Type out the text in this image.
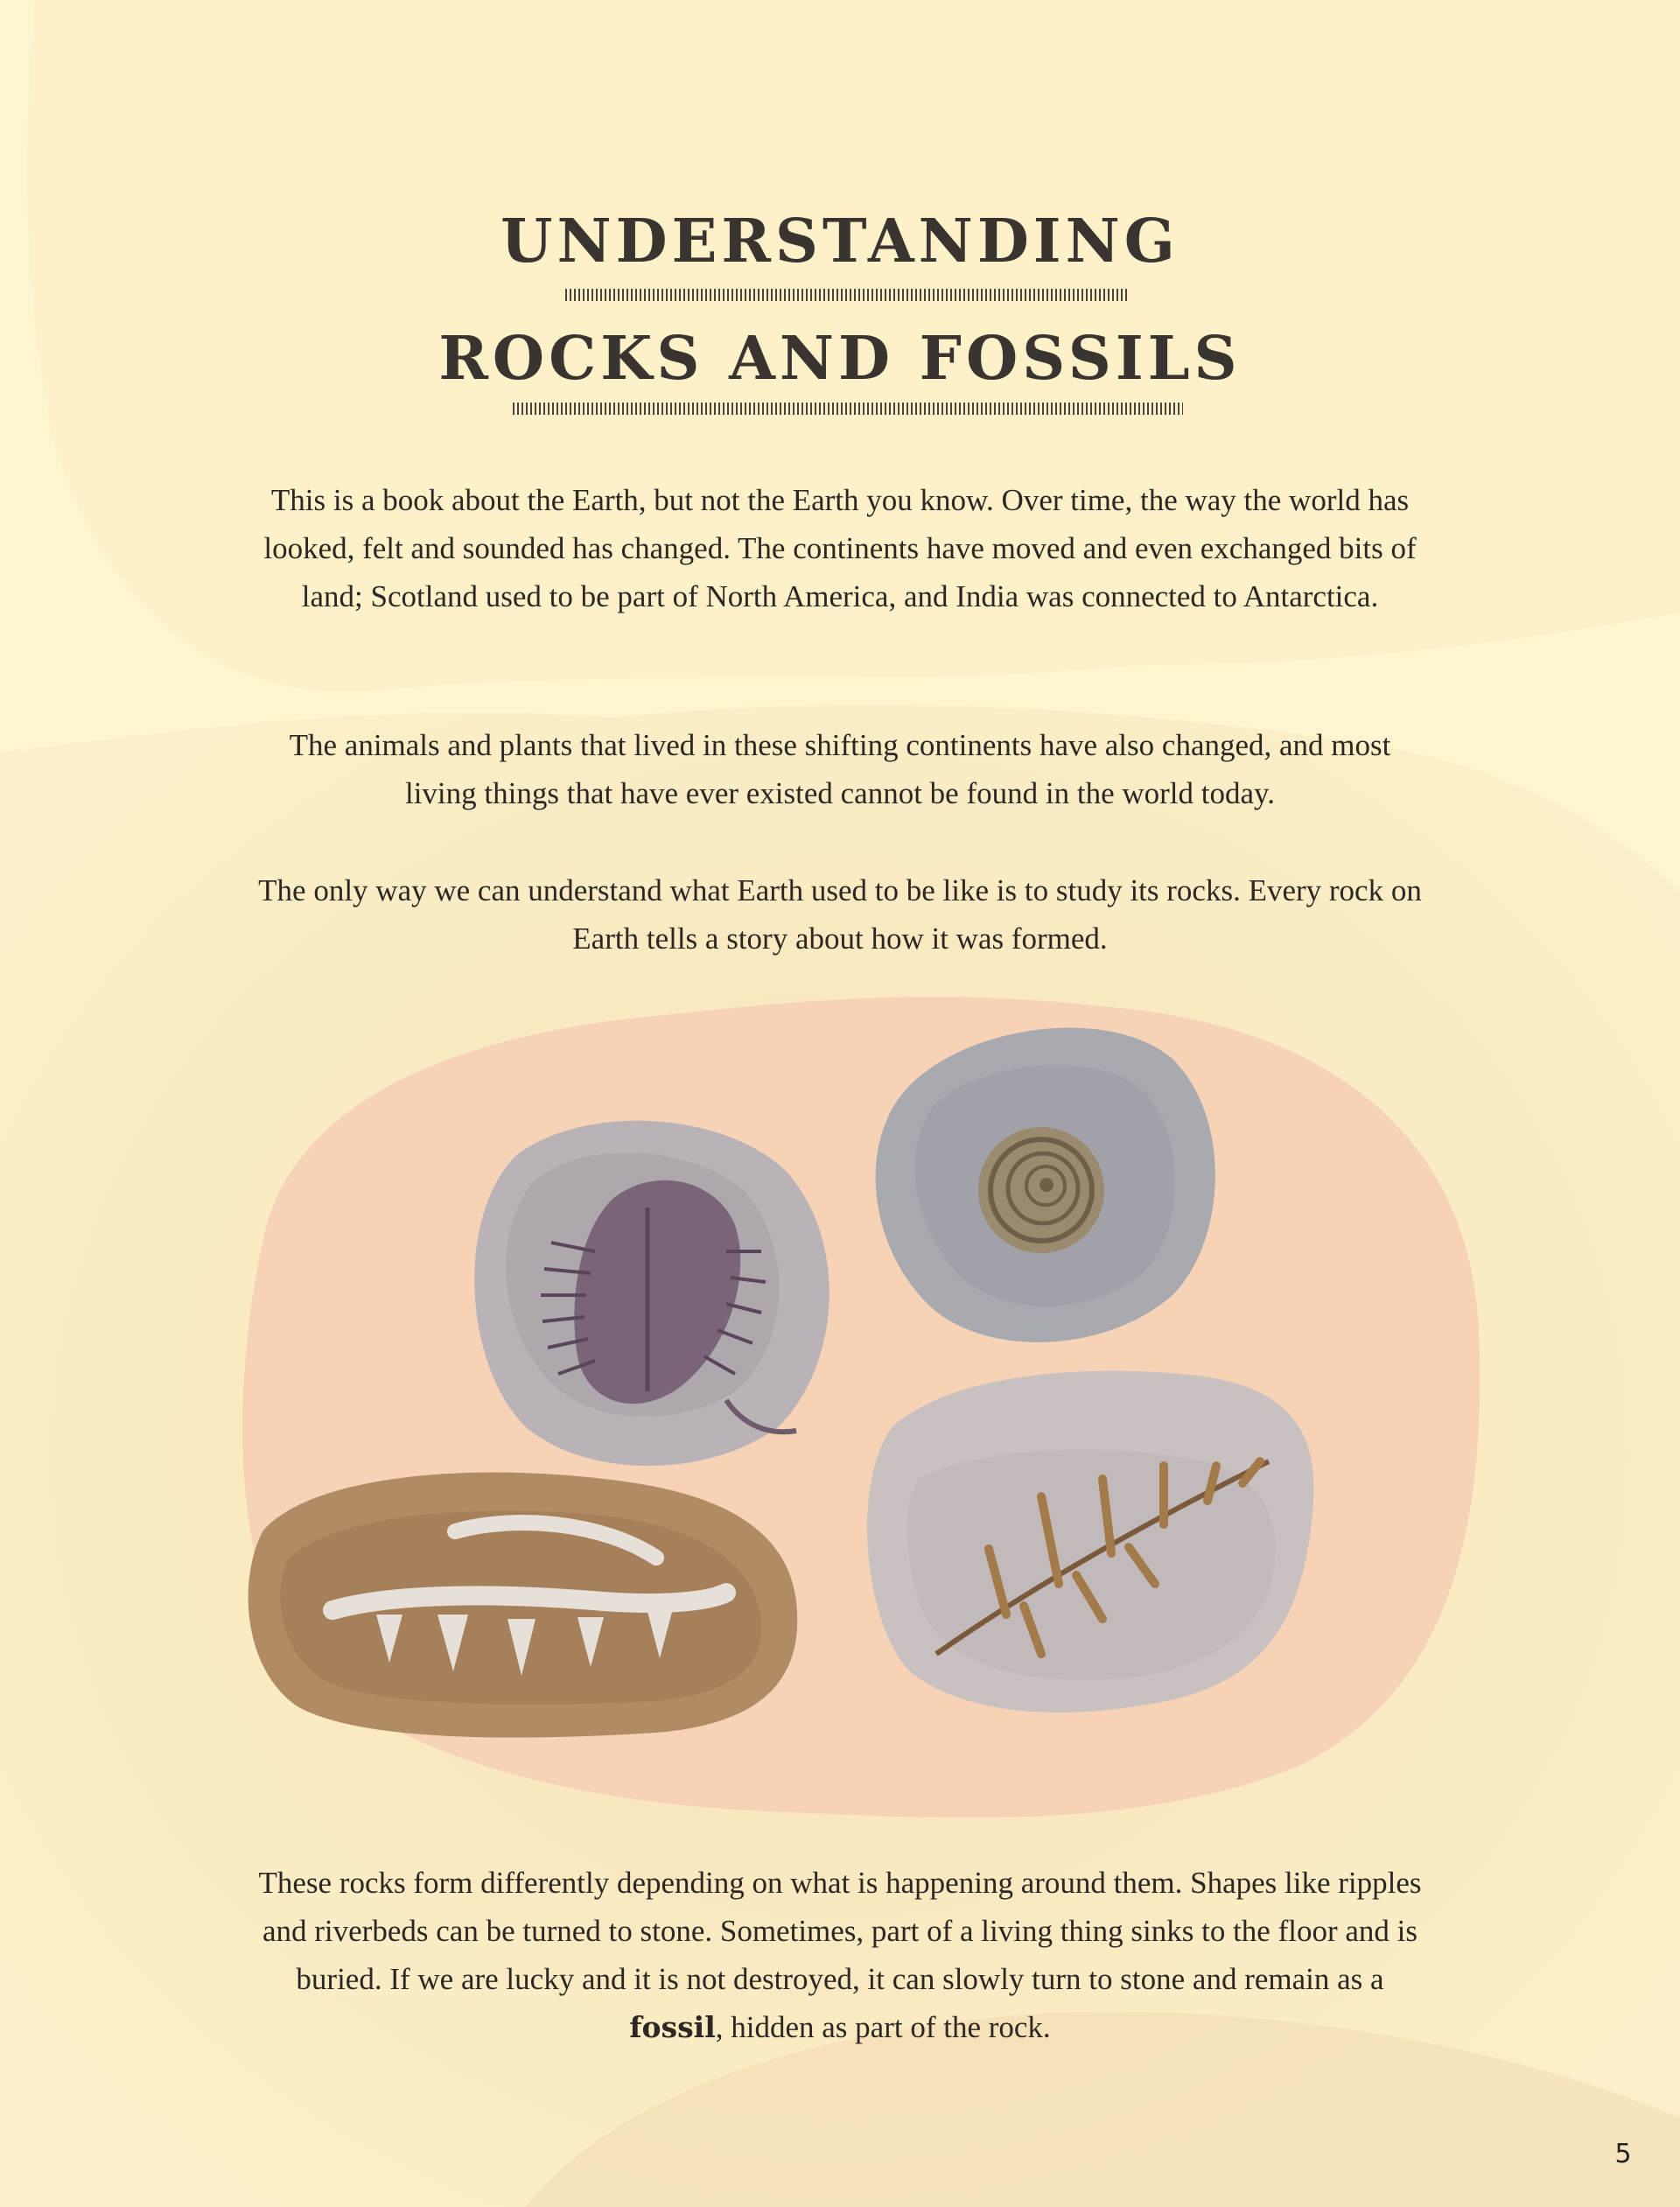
UNDERSTANDING
ROCKS AND FOSSILS
This is a book about the Earth, but not the Earth you know. Over time, the way the world has looked, felt and sounded has changed. The continents have moved and even exchanged bits of land; Scotland used to be part of North America, and India was connected to Antarctica.
The animals and plants that lived in these shifting continents have also changed, and most living things that have ever existed cannot be found in the world today.
The only way we can understand what Earth used to be like is to study its rocks. Every rock on Earth tells a story about how it was formed.
These rocks form differently depending on what is happening around them. Shapes like ripples and riverbeds can be turned to stone. Sometimes, part of a living thing sinks to the floor and is buried. If we are lucky and it is not destroyed, it can slowly turn to stone and remain as a fossil, hidden as part of the rock.
5
